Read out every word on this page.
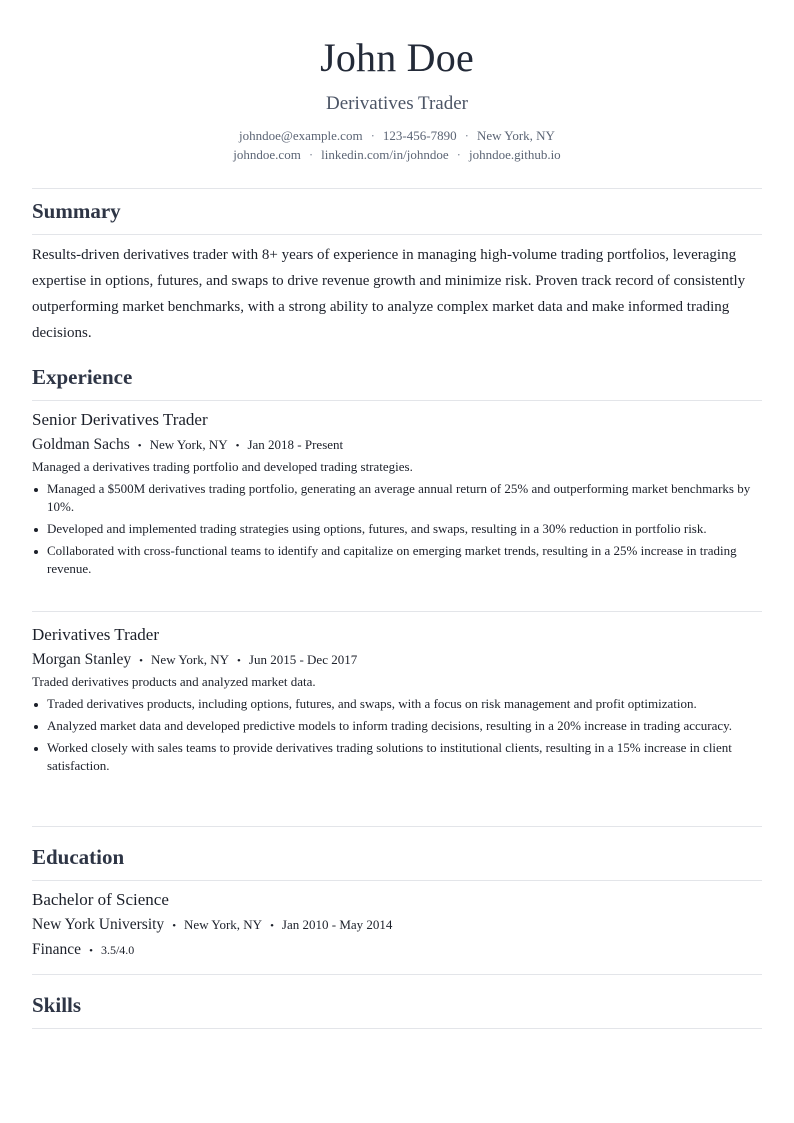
John Doe
Derivatives Trader
johndoe@example.com · 123-456-7890 · New York, NY
johndoe.com · linkedin.com/in/johndoe · johndoe.github.io
Summary

Results-driven derivatives trader with 8+ years of experience in managing high-volume trading portfolios, leveraging expertise in options, futures, and swaps to drive revenue growth and minimize risk. Proven track record of consistently outperforming market benchmarks, with a strong ability to analyze complex market data and make informed trading decisions.

Experience
Senior Derivatives Trader
Goldman Sachs • New York, NY • Jan 2018 - Present
Managed a derivatives trading portfolio and developed trading strategies.
Managed a $500M derivatives trading portfolio, generating an average annual return of 25% and outperforming market benchmarks by 10%.
Developed and implemented trading strategies using options, futures, and swaps, resulting in a 30% reduction in portfolio risk.
Collaborated with cross-functional teams to identify and capitalize on emerging market trends, resulting in a 25% increase in trading revenue.
Derivatives Trader
Morgan Stanley • New York, NY • Jun 2015 - Dec 2017
Traded derivatives products and analyzed market data.
Traded derivatives products, including options, futures, and swaps, with a focus on risk management and profit optimization.
Analyzed market data and developed predictive models to inform trading decisions, resulting in a 20% increase in trading accuracy.
Worked closely with sales teams to provide derivatives trading solutions to institutional clients, resulting in a 15% increase in client satisfaction.
Education
Bachelor of Science
New York University • New York, NY • Jan 2010 - May 2014
Finance • 3.5/4.0
Skills
